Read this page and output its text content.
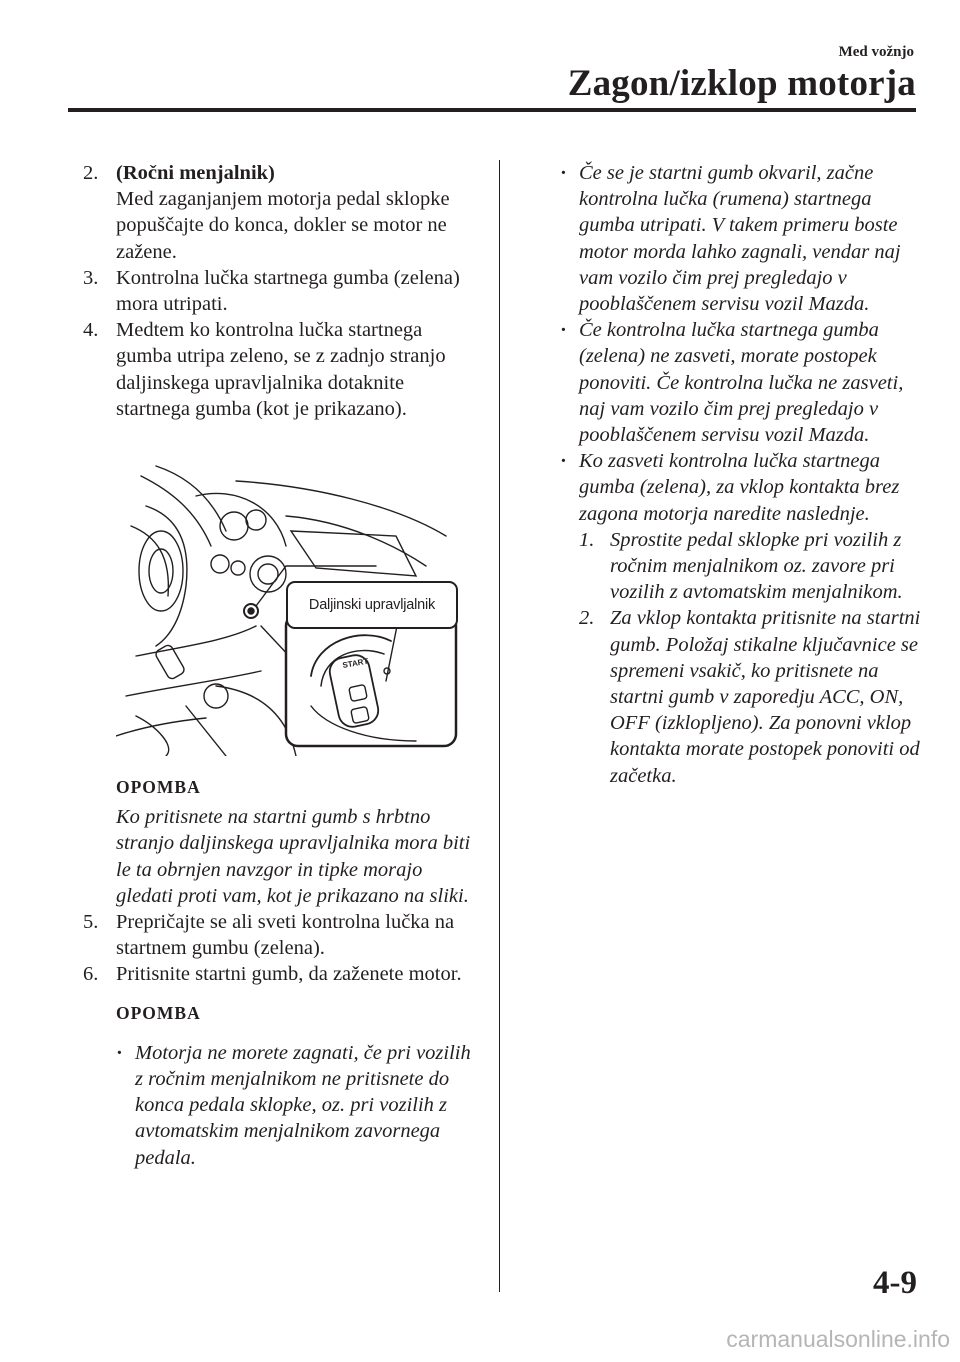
Med vožnjo
Zagon/izklop motorja
2. (Ročni menjalnik)
Med zaganjanjem motorja pedal sklopke popuščajte do konca, dokler se motor ne zažene.
3. Kontrolna lučka startnega gumba (zelena) mora utripati.
4. Medtem ko kontrolna lučka startnega gumba utripa zeleno, se z zadnjo stranjo daljinskega upravljalnika dotaknite startnega gumba (kot je prikazano).
START
Daljinski upravljalnik
OPOMBA
Ko pritisnete na startni gumb s hrbtno stranjo daljinskega upravljalnika mora biti le ta obrnjen navzgor in tipke morajo gledati proti vam, kot je prikazano na sliki.
5. Prepričajte se ali sveti kontrolna lučka na startnem gumbu (zelena).
6. Pritisnite startni gumb, da zaženete motor.
OPOMBA
· Motorja ne morete zagnati, če pri vozilih z ročnim menjalnikom ne pritisnete do konca pedala sklopke, oz. pri vozilih z avtomatskim menjalnikom zavornega pedala.
· Če se je startni gumb okvaril, začne kontrolna lučka (rumena) startnega gumba utripati. V takem primeru boste motor morda lahko zagnali, vendar naj vam vozilo čim prej pregledajo v pooblaščenem servisu vozil Mazda.
· Če kontrolna lučka startnega gumba (zelena) ne zasveti, morate postopek ponoviti. Če kontrolna lučka ne zasveti, naj vam vozilo čim prej pregledajo v pooblaščenem servisu vozil Mazda.
· Ko zasveti kontrolna lučka startnega gumba (zelena), za vklop kontakta brez zagona motorja naredite naslednje.
1. Sprostite pedal sklopke pri vozilih z ročnim menjalnikom oz. zavore pri vozilih z avtomatskim menjalnikom.
2. Za vklop kontakta pritisnite na startni gumb. Položaj stikalne ključavnice se spremeni vsakič, ko pritisnete na startni gumb v zaporedju ACC, ON, OFF (izklopljeno). Za ponovni vklop kontakta morate postopek ponoviti od začetka.
4-9
carmanualsonline.info
